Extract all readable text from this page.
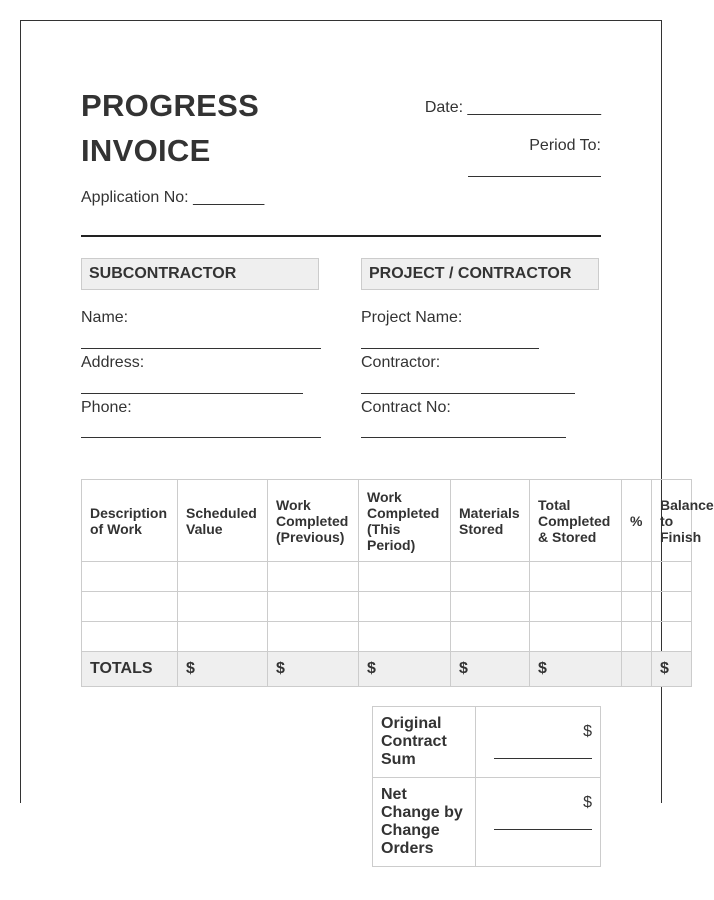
PROGRESS
INVOICE
Date: _______________
Period To:
Application No: ________
SUBCONTRACTOR
Name:
Address:
Phone:
PROJECT / CONTRACTOR
Project Name:
Contractor:
Contract No:
Description of Work	Scheduled Value	Work Completed (Previous)	Work Completed (This Period)	Materials Stored	Total Completed & Stored	%	Balance to Finish

TOTALS	$	$	$	$	$		$
Original Contract Sum	$

Net Change by Change Orders	$
